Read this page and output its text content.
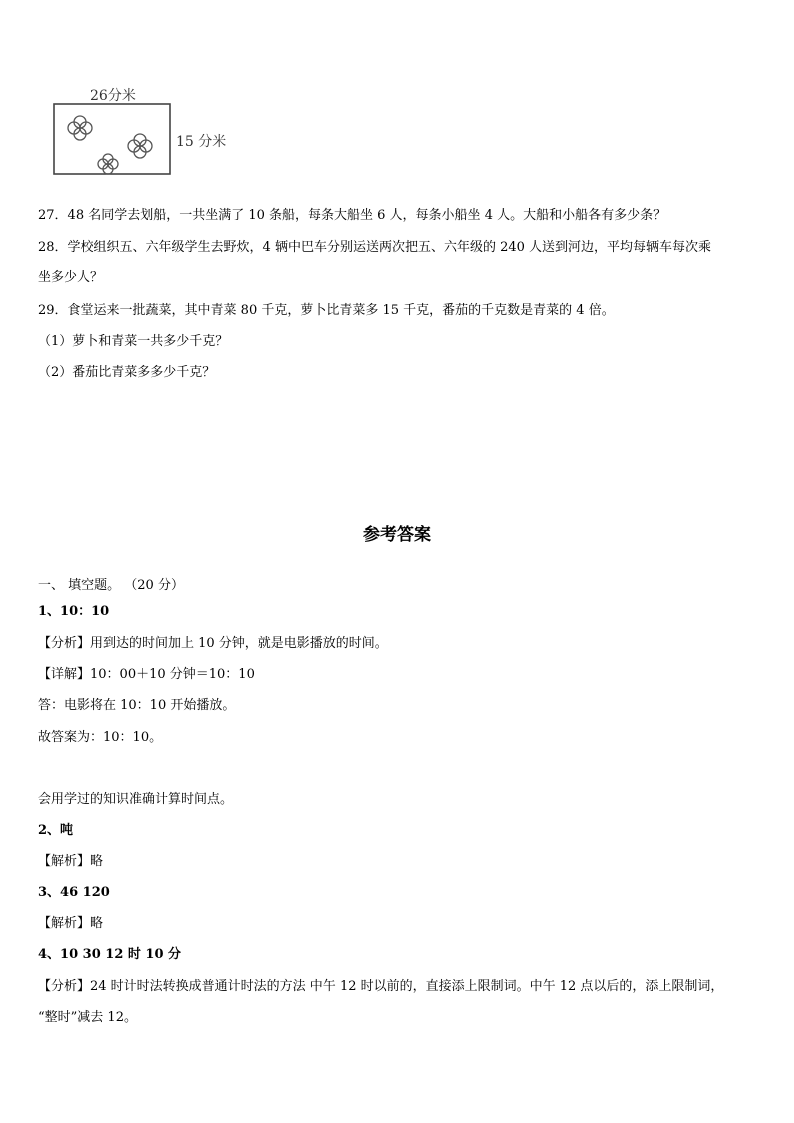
26分米
15 分米
27．48 名同学去划船，一共坐满了 10 条船，每条大船坐 6 人，每条小船坐 4 人。大船和小船各有多少条？
28．学校组织五、六年级学生去野炊，4 辆中巴车分别运送两次把五、六年级的 240 人送到河边，平均每辆车每次乘
坐多少人？
29．食堂运来一批蔬菜，其中青菜 80 千克，萝卜比青菜多 15 千克，番茄的千克数是青菜的 4 倍。
（1）萝卜和青菜一共多少千克？
（2）番茄比青菜多多少千克？
参考答案
一、 填空题。 （20 分）
1、10：10
【分析】用到达的时间加上 10 分钟，就是电影播放的时间。
【详解】10：00＋10 分钟＝10：10
答：电影将在 10：10 开始播放。
故答案为：10：10。
会用学过的知识准确计算时间点。
2、吨
【解析】略
3、46 120
【解析】略
4、10 30 12 时 10 分
【分析】24 时计时法转换成普通计时法的方法 中午 12 时以前的，直接添上限制词。中午 12 点以后的，添上限制词，
“整时”减去 12。
